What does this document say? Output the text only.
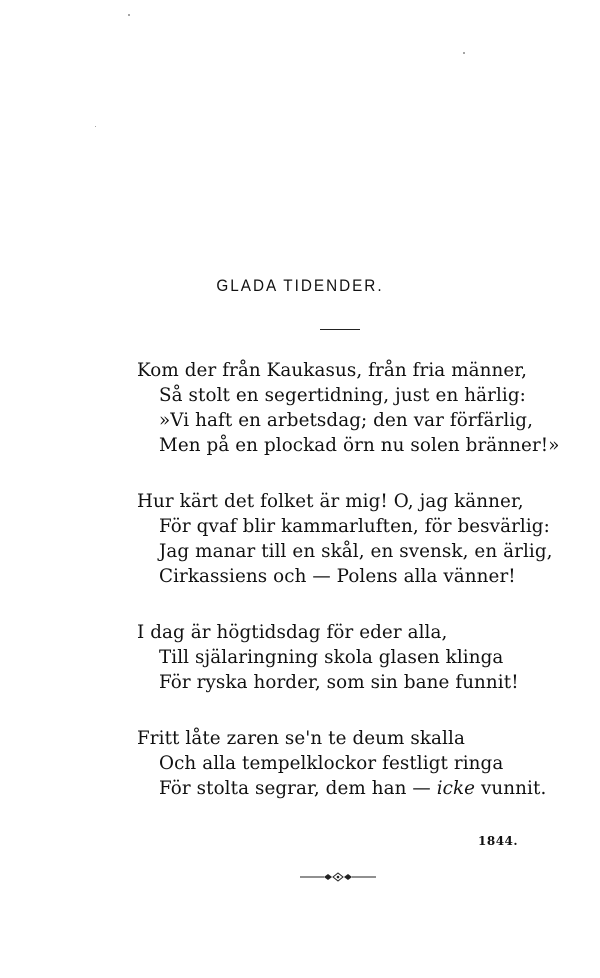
GLADA TIDENDER.

Kom der från Kaukasus, från fria männer,
Så stolt en segertidning, just en härlig:
»Vi haft en arbetsdag; den var förfärlig,
Men på en plockad örn nu solen bränner!»

Hur kärt det folket är mig! O, jag känner,
För qvaf blir kammarluften, för besvärlig:
Jag manar till en skål, en svensk, en ärlig,
Cirkassiens och — Polens alla vänner!

I dag är högtidsdag för eder alla,
Till själaringning skola glasen klinga
För ryska horder, som sin bane funnit!

Fritt låte zaren se'n te deum skalla
Och alla tempelklockor festligt ringa
För stolta segrar, dem han — icke vunnit.

1844.
